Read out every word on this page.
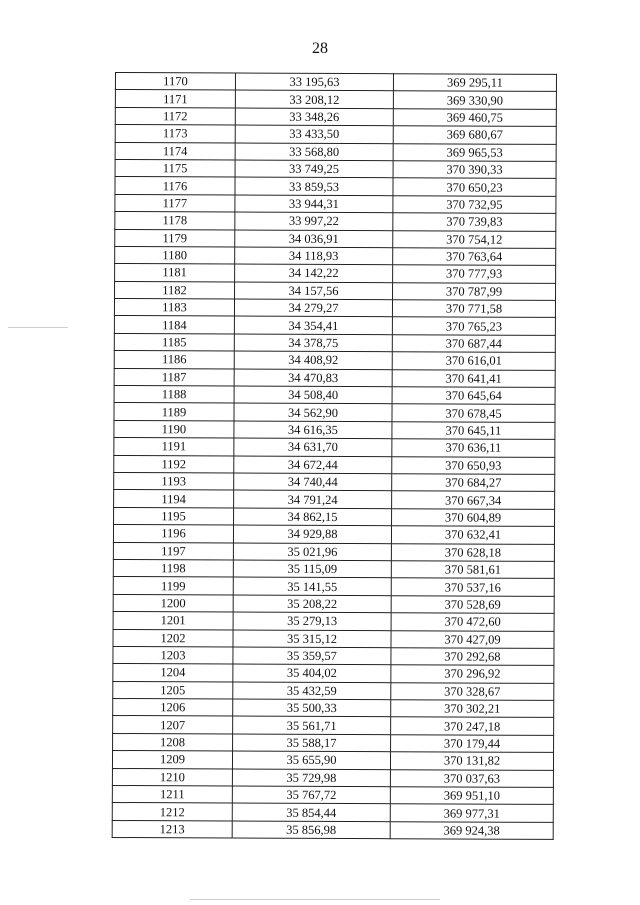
28
1170	33 195,63	369 295,11
1171	33 208,12	369 330,90
1172	33 348,26	369 460,75
1173	33 433,50	369 680,67
1174	33 568,80	369 965,53
1175	33 749,25	370 390,33
1176	33 859,53	370 650,23
1177	33 944,31	370 732,95
1178	33 997,22	370 739,83
1179	34 036,91	370 754,12
1180	34 118,93	370 763,64
1181	34 142,22	370 777,93
1182	34 157,56	370 787,99
1183	34 279,27	370 771,58
1184	34 354,41	370 765,23
1185	34 378,75	370 687,44
1186	34 408,92	370 616,01
1187	34 470,83	370 641,41
1188	34 508,40	370 645,64
1189	34 562,90	370 678,45
1190	34 616,35	370 645,11
1191	34 631,70	370 636,11
1192	34 672,44	370 650,93
1193	34 740,44	370 684,27
1194	34 791,24	370 667,34
1195	34 862,15	370 604,89
1196	34 929,88	370 632,41
1197	35 021,96	370 628,18
1198	35 115,09	370 581,61
1199	35 141,55	370 537,16
1200	35 208,22	370 528,69
1201	35 279,13	370 472,60
1202	35 315,12	370 427,09
1203	35 359,57	370 292,68
1204	35 404,02	370 296,92
1205	35 432,59	370 328,67
1206	35 500,33	370 302,21
1207	35 561,71	370 247,18
1208	35 588,17	370 179,44
1209	35 655,90	370 131,82
1210	35 729,98	370 037,63
1211	35 767,72	369 951,10
1212	35 854,44	369 977,31
1213	35 856,98	369 924,38
